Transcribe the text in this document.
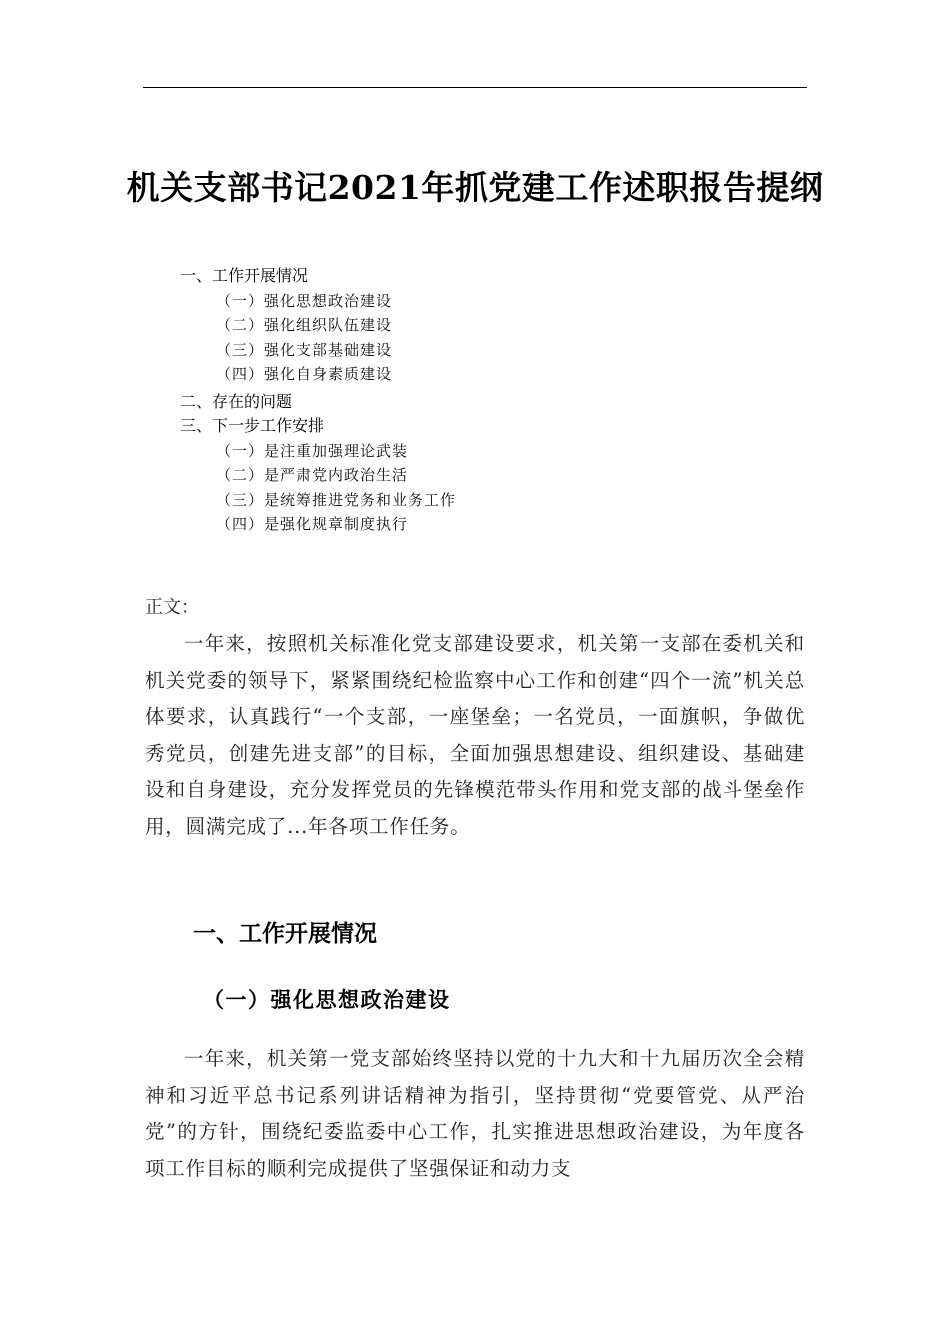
机关支部书记2021年抓党建工作述职报告提纲
一、工作开展情况
（一）强化思想政治建设
（二）强化组织队伍建设
（三）强化支部基础建设
（四）强化自身素质建设
二、存在的问题
三、下一步工作安排
（一）是注重加强理论武装
（二）是严肃党内政治生活
（三）是统筹推进党务和业务工作
（四）是强化规章制度执行
正文：
一年来，按照机关标准化党支部建设要求，机关第一支部在委机关和机关党委的领导下，紧紧围绕纪检监察中心工作和创建“四个一流”机关总体要求，认真践行“一个支部，一座堡垒；一名党员，一面旗帜，争做优秀党员，创建先进支部”的目标，全面加强思想建设、组织建设、基础建设和自身建设，充分发挥党员的先锋模范带头作用和党支部的战斗堡垒作用，圆满完成了...年各项工作任务。
一、工作开展情况
（一）强化思想政治建设
一年来，机关第一党支部始终坚持以党的十九大和十九届历次全会精神和习近平总书记系列讲话精神为指引，坚持贯彻“党要管党、从严治党”的方针，围绕纪委监委中心工作，扎实推进思想政治建设，为年度各项工作目标的顺利完成提供了坚强保证和动力支
